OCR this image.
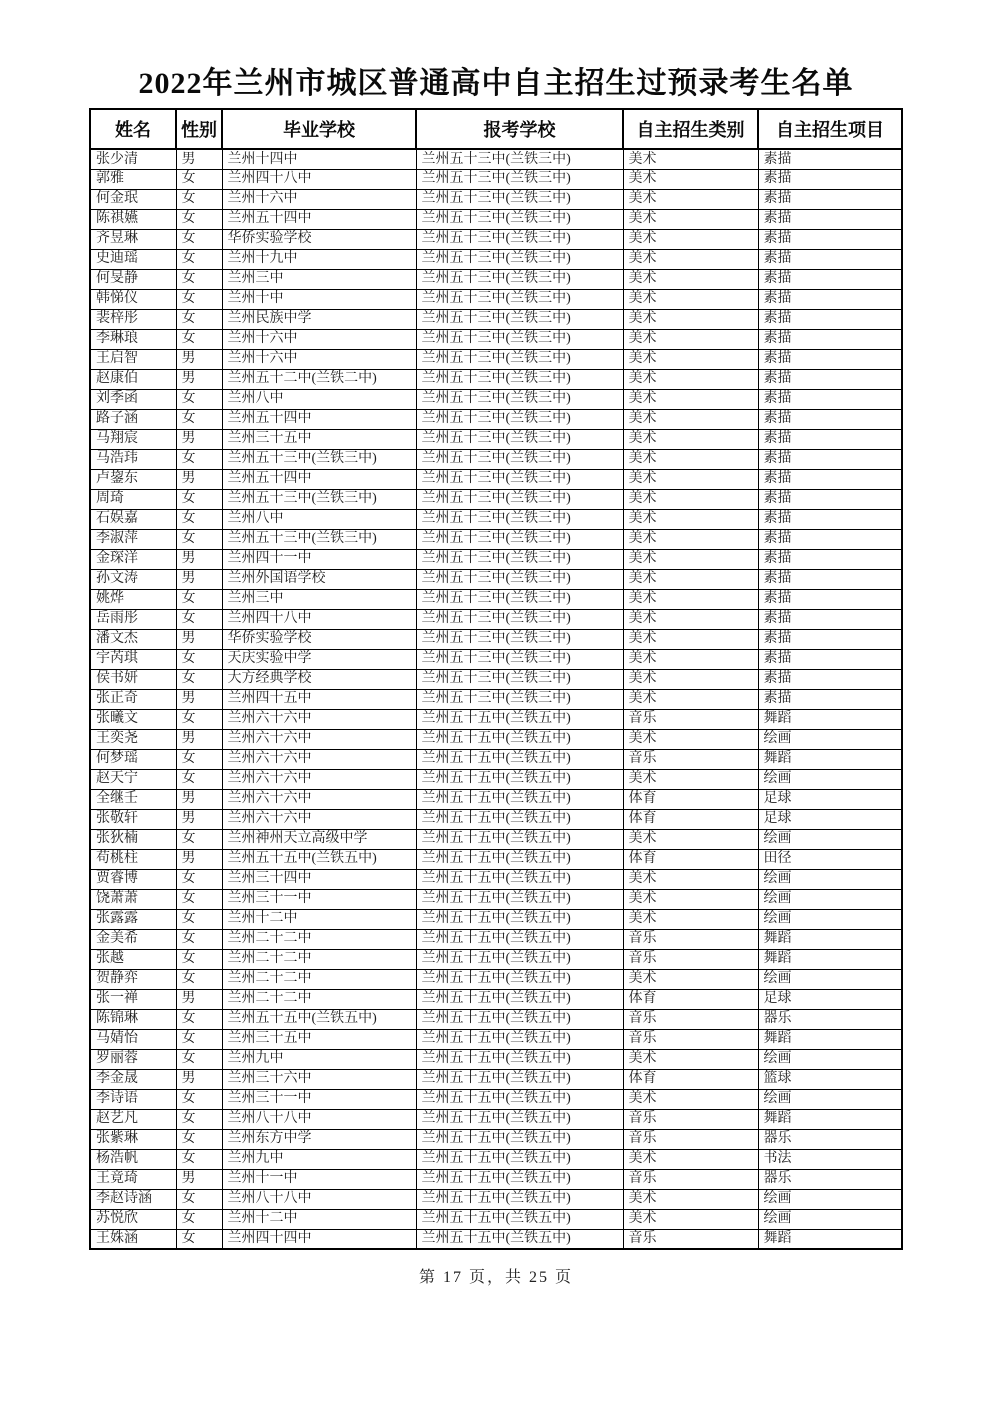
2022年兰州市城区普通高中自主招生过预录考生名单
姓名	性别	毕业学校	报考学校	自主招生类别	自主招生项目
张少清	男	兰州十四中	兰州五十三中(兰铁三中)	美术	素描
郭雅	女	兰州四十八中	兰州五十三中(兰铁三中)	美术	素描
何金珉	女	兰州十六中	兰州五十三中(兰铁三中)	美术	素描
陈祺嬿	女	兰州五十四中	兰州五十三中(兰铁三中)	美术	素描
齐昱琳	女	华侨实验学校	兰州五十三中(兰铁三中)	美术	素描
史迪瑶	女	兰州十九中	兰州五十三中(兰铁三中)	美术	素描
何旻静	女	兰州三中	兰州五十三中(兰铁三中)	美术	素描
韩悌仪	女	兰州十中	兰州五十三中(兰铁三中)	美术	素描
裴梓彤	女	兰州民族中学	兰州五十三中(兰铁三中)	美术	素描
李琳琅	女	兰州十六中	兰州五十三中(兰铁三中)	美术	素描
王启智	男	兰州十六中	兰州五十三中(兰铁三中)	美术	素描
赵康伯	男	兰州五十二中(兰铁二中)	兰州五十三中(兰铁三中)	美术	素描
刘季函	女	兰州八中	兰州五十三中(兰铁三中)	美术	素描
路子涵	女	兰州五十四中	兰州五十三中(兰铁三中)	美术	素描
马翔宸	男	兰州三十五中	兰州五十三中(兰铁三中)	美术	素描
马浩玮	女	兰州五十三中(兰铁三中)	兰州五十三中(兰铁三中)	美术	素描
卢鋆东	男	兰州五十四中	兰州五十三中(兰铁三中)	美术	素描
周琦	女	兰州五十三中(兰铁三中)	兰州五十三中(兰铁三中)	美术	素描
石娱嘉	女	兰州八中	兰州五十三中(兰铁三中)	美术	素描
李淑萍	女	兰州五十三中(兰铁三中)	兰州五十三中(兰铁三中)	美术	素描
金琛洋	男	兰州四十一中	兰州五十三中(兰铁三中)	美术	素描
孙文涛	男	兰州外国语学校	兰州五十三中(兰铁三中)	美术	素描
姚烨	女	兰州三中	兰州五十三中(兰铁三中)	美术	素描
岳雨彤	女	兰州四十八中	兰州五十三中(兰铁三中)	美术	素描
潘文杰	男	华侨实验学校	兰州五十三中(兰铁三中)	美术	素描
宇芮琪	女	天庆实验中学	兰州五十三中(兰铁三中)	美术	素描
侯书妍	女	大方经典学校	兰州五十三中(兰铁三中)	美术	素描
张正奇	男	兰州四十五中	兰州五十三中(兰铁三中)	美术	素描
张曦文	女	兰州六十六中	兰州五十五中(兰铁五中)	音乐	舞蹈
王奕尧	男	兰州六十六中	兰州五十五中(兰铁五中)	美术	绘画
何梦瑶	女	兰州六十六中	兰州五十五中(兰铁五中)	音乐	舞蹈
赵天宁	女	兰州六十六中	兰州五十五中(兰铁五中)	美术	绘画
全继壬	男	兰州六十六中	兰州五十五中(兰铁五中)	体育	足球
张敬轩	男	兰州六十六中	兰州五十五中(兰铁五中)	体育	足球
张狄楠	女	兰州神州天立高级中学	兰州五十五中(兰铁五中)	美术	绘画
苟桃柱	男	兰州五十五中(兰铁五中)	兰州五十五中(兰铁五中)	体育	田径
贾睿博	女	兰州三十四中	兰州五十五中(兰铁五中)	美术	绘画
饶萧萧	女	兰州三十一中	兰州五十五中(兰铁五中)	美术	绘画
张露露	女	兰州十二中	兰州五十五中(兰铁五中)	美术	绘画
金美希	女	兰州二十二中	兰州五十五中(兰铁五中)	音乐	舞蹈
张越	女	兰州二十二中	兰州五十五中(兰铁五中)	音乐	舞蹈
贺静弈	女	兰州二十二中	兰州五十五中(兰铁五中)	美术	绘画
张一禅	男	兰州二十二中	兰州五十五中(兰铁五中)	体育	足球
陈锦琳	女	兰州五十五中(兰铁五中)	兰州五十五中(兰铁五中)	音乐	器乐
马婧怡	女	兰州三十五中	兰州五十五中(兰铁五中)	音乐	舞蹈
罗丽蓉	女	兰州九中	兰州五十五中(兰铁五中)	美术	绘画
李金晟	男	兰州三十六中	兰州五十五中(兰铁五中)	体育	篮球
李诗语	女	兰州三十一中	兰州五十五中(兰铁五中)	美术	绘画
赵艺凡	女	兰州八十八中	兰州五十五中(兰铁五中)	音乐	舞蹈
张紫琳	女	兰州东方中学	兰州五十五中(兰铁五中)	音乐	器乐
杨浩帆	女	兰州九中	兰州五十五中(兰铁五中)	美术	书法
王竟琦	男	兰州十一中	兰州五十五中(兰铁五中)	音乐	器乐
李赵诗涵	女	兰州八十八中	兰州五十五中(兰铁五中)	美术	绘画
苏悦欣	女	兰州十二中	兰州五十五中(兰铁五中)	美术	绘画
王姝涵	女	兰州四十四中	兰州五十五中(兰铁五中)	音乐	舞蹈
第 17 页，共 25 页
